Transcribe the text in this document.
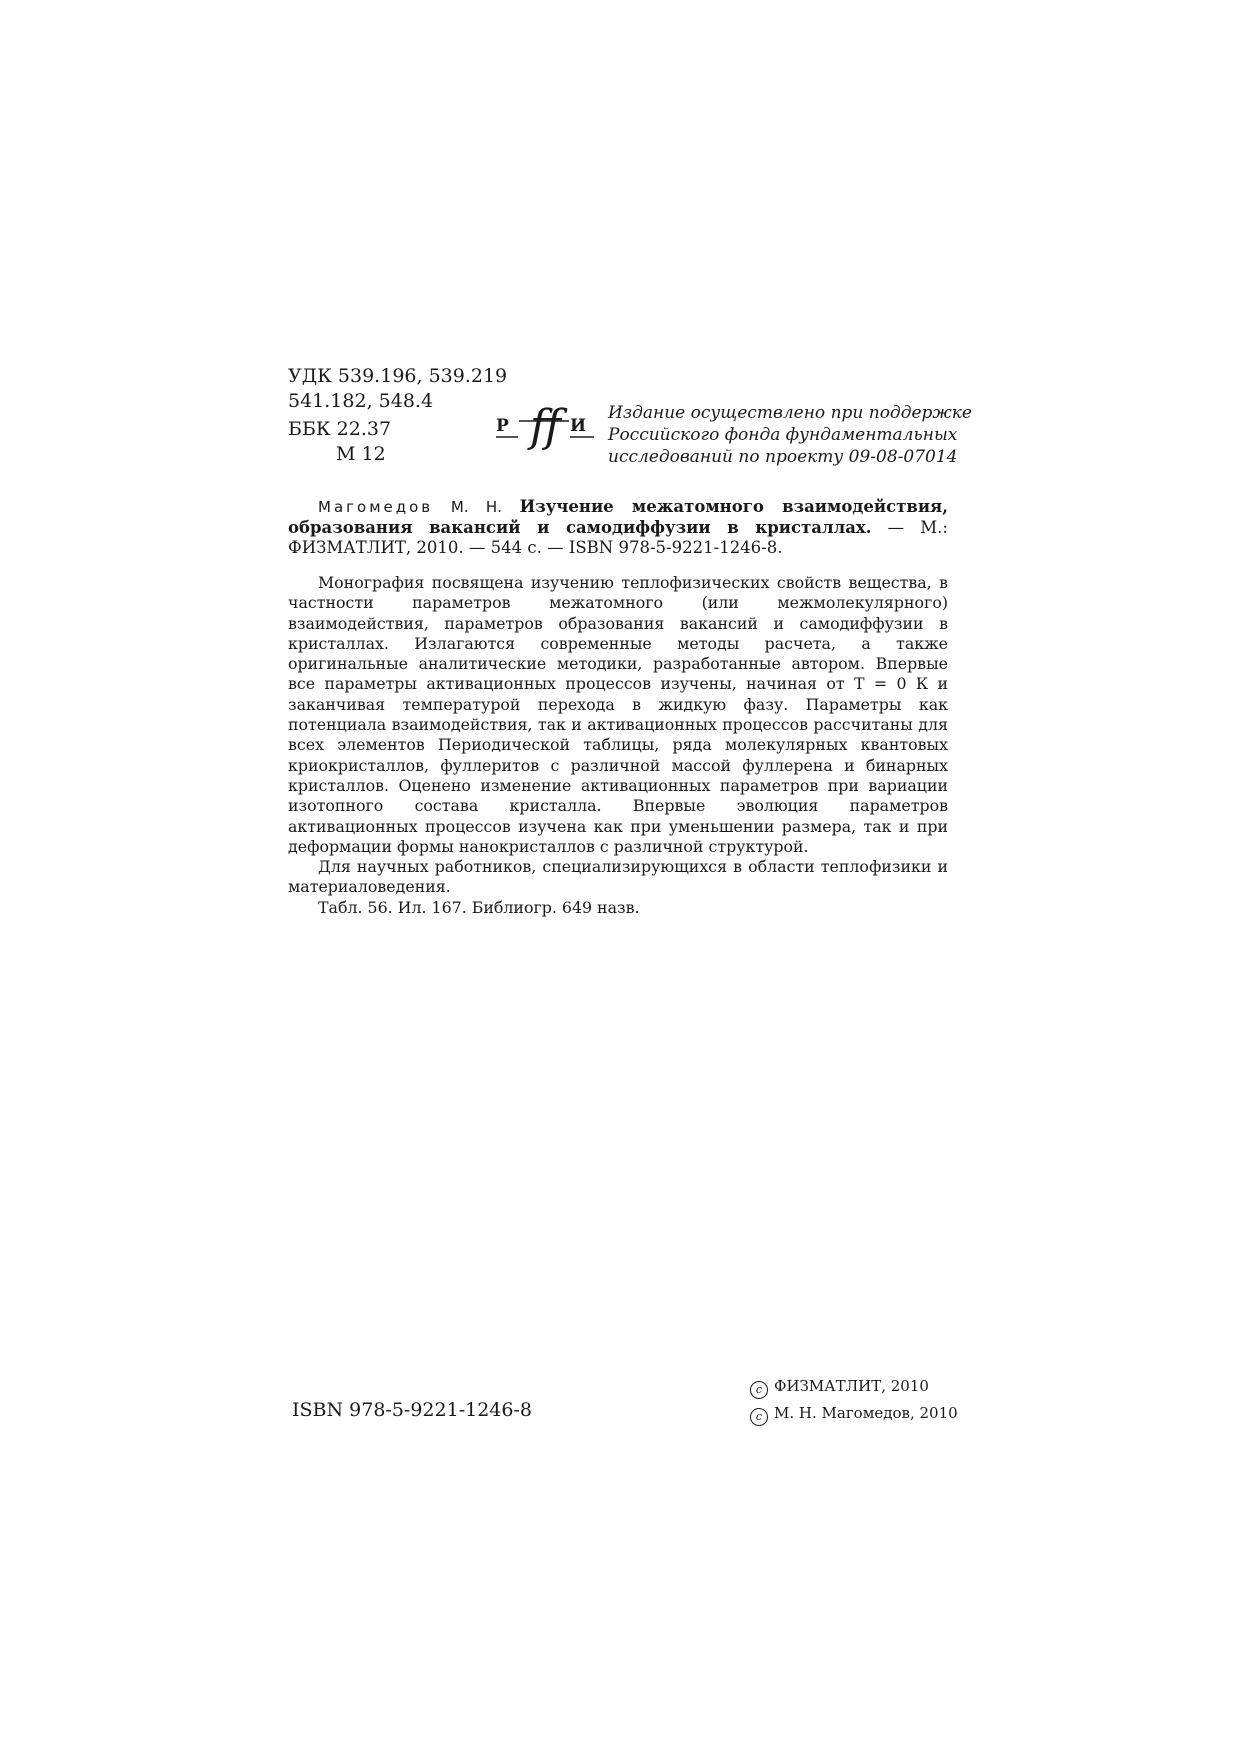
УДК 539.196, 539.219
541.182, 548.4
ББК 22.37
М 12
Р	И
ff	Издание осуществлено при поддержке
Российского фонда фундаментальных
исследований по проекту 09-08-07014

Магомедов М. Н. Изучение межатомного взаимодействия, образования вакансий и самодиффузии в кристаллах. — М.: ФИЗМАТЛИТ, 2010. — 544 с. — ISBN 978-5-9221-1246-8.

Монография посвящена изучению теплофизических свойств вещества, в частности параметров межатомного (или межмолекулярного) взаимодействия, параметров образования вакансий и самодиффузии в кристаллах. Излагаются современные методы расчета, а также оригинальные аналитические методики, разработанные автором. Впервые все параметры активационных процессов изучены, начиная от T = 0 К и заканчивая температурой перехода в жидкую фазу. Параметры как потенциала взаимодействия, так и активационных процессов рассчитаны для всех элементов Периодической таблицы, ряда молекулярных квантовых криокристаллов, фуллеритов с различной массой фуллерена и бинарных кристаллов. Оценено изменение активационных параметров при вариации изотопного состава кристалла. Впервые эволюция параметров активационных процессов изучена как при уменьшении размера, так и при деформации формы нанокристаллов с различной структурой.

Для научных работников, специализирующихся в области теплофизики и материаловедения.

Табл. 56. Ил. 167. Библиогр. 649 назв.

c ФИЗМАТЛИТ, 2010
c М. Н. Магомедов, 2010
ISBN 978-5-9221-1246-8
